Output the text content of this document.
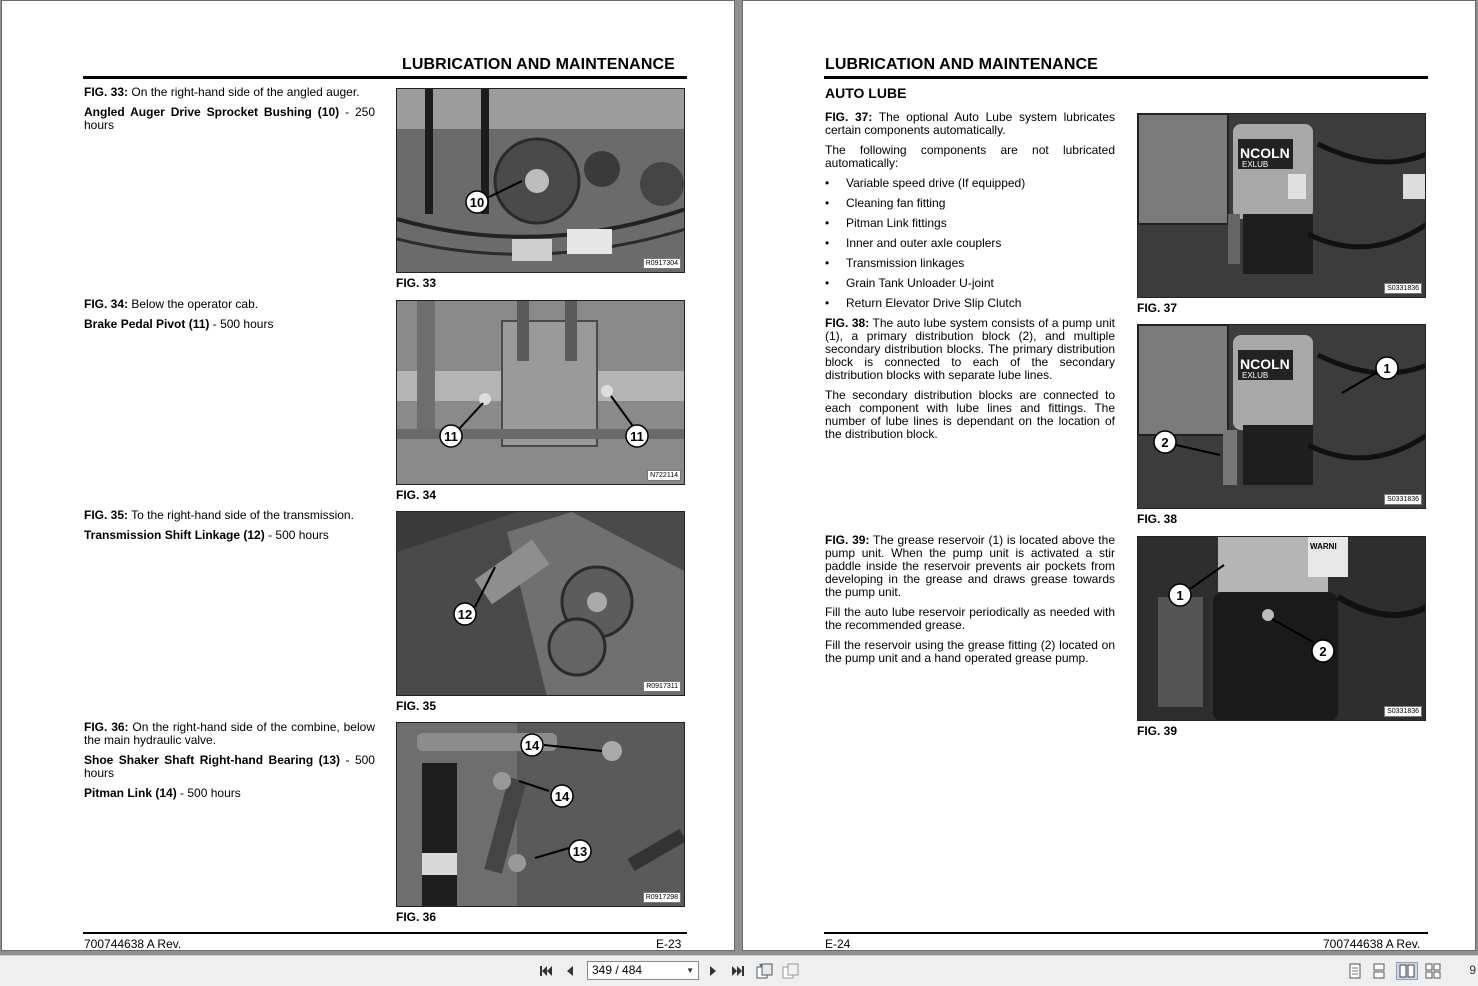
LUBRICATION AND MAINTENANCE

FIG. 33: On the right-hand side of the angled auger.

Angled Auger Drive Sprocket Bushing (10) - 250 hours

10
R0917304
FIG. 33

FIG. 34: Below the operator cab.

Brake Pedal Pivot (11) - 500 hours

11	11
N722114
FIG. 34

FIG. 35: To the right-hand side of the transmission.

Transmission Shift Linkage (12) - 500 hours

12
R0917311
FIG. 35

FIG. 36: On the right-hand side of the combine, below the main hydraulic valve.

Shoe Shaker Shaft Right-hand Bearing (13) - 500 hours

Pitman Link (14) - 500 hours

14
14
13
R0917298
FIG. 36
700744638 A Rev.	E-23
LUBRICATION AND MAINTENANCE
AUTO LUBE

FIG. 37: The optional Auto Lube system lubricates certain components automatically.

The following components are not lubricated automatically:

• Variable speed drive (If equipped)
• Cleaning fan fitting
• Pitman Link fittings
• Inner and outer axle couplers
• Transmission linkages
• Grain Tank Unloader U-joint
• Return Elevator Drive Slip Clutch

FIG. 38: The auto lube system consists of a pump unit (1), a primary distribution block (2), and multiple secondary distribution blocks. The primary distribution block is connected to each of the secondary distribution blocks with separate lube lines.

The secondary distribution blocks are connected to each component with lube lines and fittings. The number of lube lines is dependant on the location of the distribution block.

FIG. 39: The grease reservoir (1) is located above the pump unit. When the pump unit is activated a stir paddle inside the reservoir prevents air pockets from developing in the grease and draws grease towards the pump unit.

Fill the auto lube reservoir periodically as needed with the recommended grease.

Fill the reservoir using the grease fitting (2) located on the pump unit and a hand operated grease pump.

NCOLN
EXLUB
S0331836
FIG. 37
NCOLN
EXLUB	1
2
S0331836
FIG. 38
WARNI
1
2
S0331836
FIG. 39
E-24	700744638 A Rev.
349 / 484	▼	9
